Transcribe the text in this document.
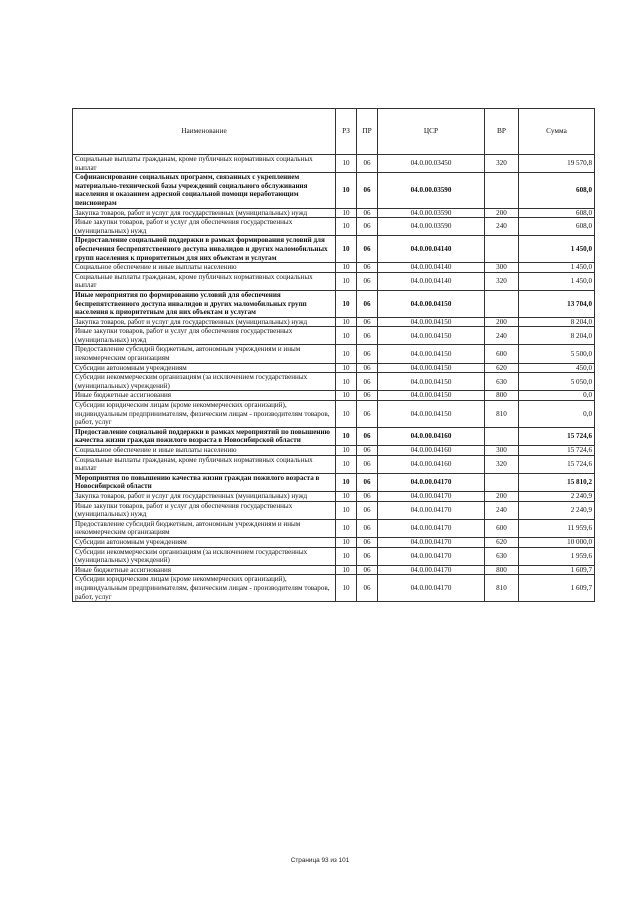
Наименование	РЗ	ПР	ЦСР	ВР	Сумма
Социальные выплаты гражданам, кроме публичных нормативных социальных выплат	10	06	04.0.00.03450	320	19 570,8
Софинансирование социальных программ, связанных с укреплением материально-технической базы учреждений социального обслуживания населения и оказанием адресной социальной помощи неработающим пенсионерам	10	06	04.0.00.03590		608,0
Закупка товаров, работ и услуг для государственных (муниципальных) нужд	10	06	04.0.00.03590	200	608,0
Иные закупки товаров, работ и услуг для обеспечения государственных (муниципальных) нужд	10	06	04.0.00.03590	240	608,0
Предоставление социальной поддержки в рамках формирования условий для обеспечения беспрепятственного доступа инвалидов и других маломобильных групп населения к приоритетным для них объектам и услугам	10	06	04.0.00.04140		1 450,0
Социальное обеспечение и иные выплаты населению	10	06	04.0.00.04140	300	1 450,0
Социальные выплаты гражданам, кроме публичных нормативных социальных выплат	10	06	04.0.00.04140	320	1 450,0
Иные мероприятия по формированию условий для обеспечения беспрепятственного доступа инвалидов и других маломобильных групп населения к приоритетным для них объектам и услугам	10	06	04.0.00.04150		13 704,0
Закупка товаров, работ и услуг для государственных (муниципальных) нужд	10	06	04.0.00.04150	200	8 204,0
Иные закупки товаров, работ и услуг для обеспечения государственных (муниципальных) нужд	10	06	04.0.00.04150	240	8 204,0
Предоставление субсидий бюджетным, автономным учреждениям и иным некоммерческим организациям	10	06	04.0.00.04150	600	5 500,0
Субсидии автономным учреждениям	10	06	04.0.00.04150	620	450,0
Субсидии некоммерческим организациям (за исключением государственных (муниципальных) учреждений)	10	06	04.0.00.04150	630	5 050,0
Иные бюджетные ассигнования	10	06	04.0.00.04150	800	0,0
Субсидии юридическим лицам (кроме некоммерческих организаций), индивидуальным предпринимателям, физическим лицам - производителям товаров, работ, услуг	10	06	04.0.00.04150	810	0,0
Предоставление социальной поддержки в рамках мероприятий по повышению качества жизни граждан пожилого возраста в Новосибирской области	10	06	04.0.00.04160		15 724,6
Социальное обеспечение и иные выплаты населению	10	06	04.0.00.04160	300	15 724,6
Социальные выплаты гражданам, кроме публичных нормативных социальных выплат	10	06	04.0.00.04160	320	15 724,6
Мероприятия по повышению качества жизни граждан пожилого возраста в Новосибирской области	10	06	04.0.00.04170		15 810,2
Закупка товаров, работ и услуг для государственных (муниципальных) нужд	10	06	04.0.00.04170	200	2 240,9
Иные закупки товаров, работ и услуг для обеспечения государственных (муниципальных) нужд	10	06	04.0.00.04170	240	2 240,9
Предоставление субсидий бюджетным, автономным учреждениям и иным некоммерческим организациям	10	06	04.0.00.04170	600	11 959,6
Субсидии автономным учреждениям	10	06	04.0.00.04170	620	10 000,0
Субсидии некоммерческим организациям (за исключением государственных (муниципальных) учреждений)	10	06	04.0.00.04170	630	1 959,6
Иные бюджетные ассигнования	10	06	04.0.00.04170	800	1 609,7
Субсидии юридическим лицам (кроме некоммерческих организаций), индивидуальным предпринимателям, физическим лицам - производителям товаров, работ, услуг	10	06	04.0.00.04170	810	1 609,7
Страница 93 из 101
